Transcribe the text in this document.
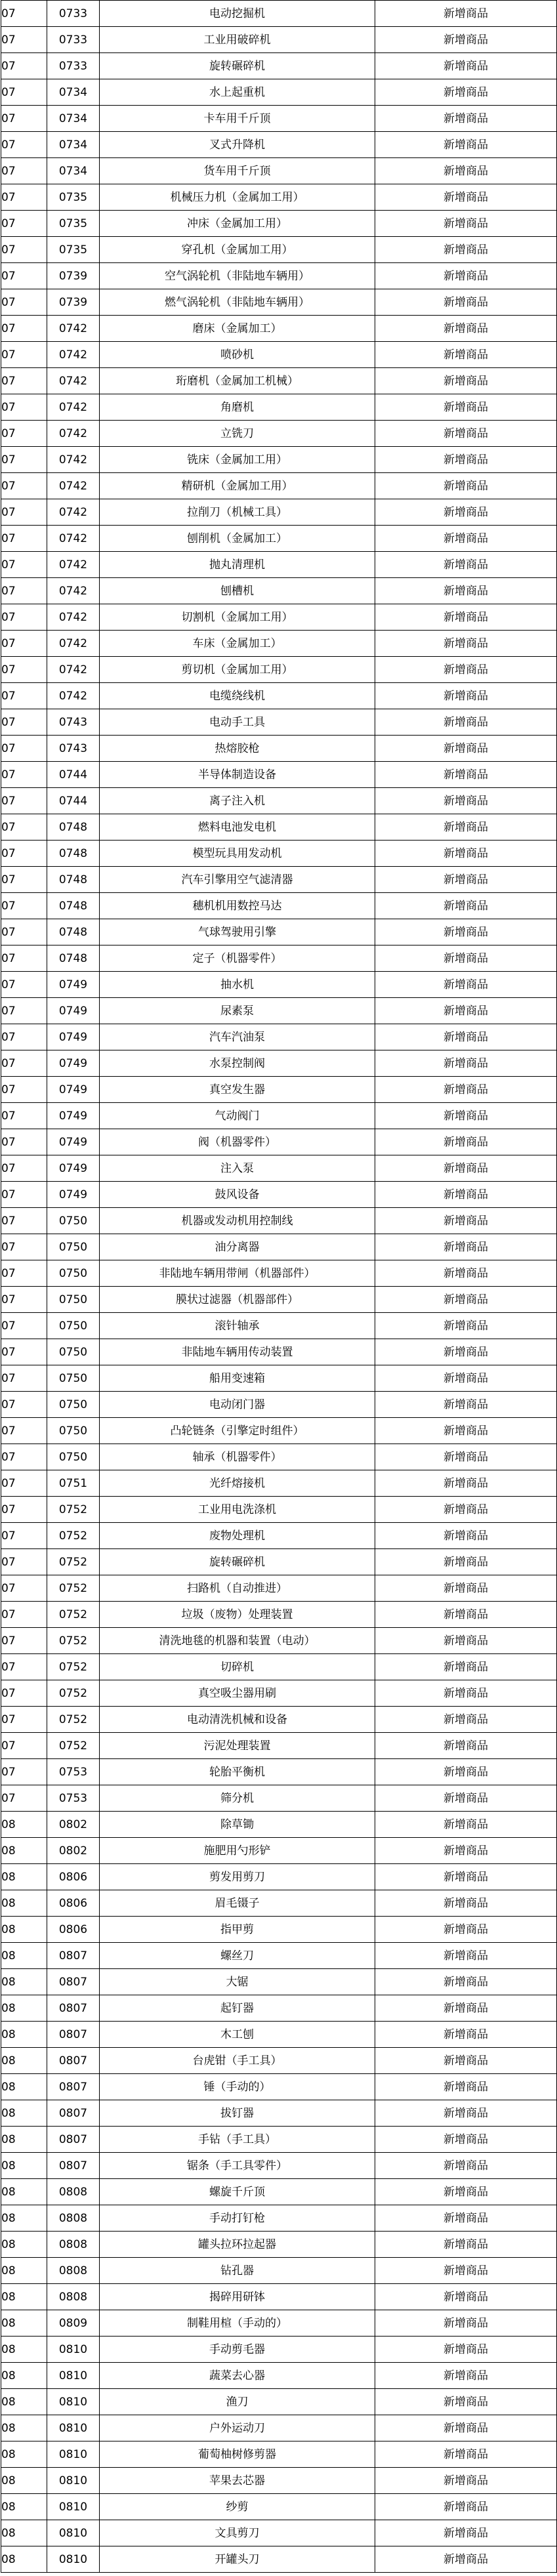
07	0733	电动挖掘机	新增商品
07	0733	工业用破碎机	新增商品
07	0733	旋转碾碎机	新增商品
07	0734	水上起重机	新增商品
07	0734	卡车用千斤顶	新增商品
07	0734	叉式升降机	新增商品
07	0734	货车用千斤顶	新增商品
07	0735	机械压力机（金属加工用）	新增商品
07	0735	冲床（金属加工用）	新增商品
07	0735	穿孔机（金属加工用）	新增商品
07	0739	空气涡轮机（非陆地车辆用）	新增商品
07	0739	燃气涡轮机（非陆地车辆用）	新增商品
07	0742	磨床（金属加工）	新增商品
07	0742	喷砂机	新增商品
07	0742	珩磨机（金属加工机械）	新增商品
07	0742	角磨机	新增商品
07	0742	立铣刀	新增商品
07	0742	铣床（金属加工用）	新增商品
07	0742	精研机（金属加工用）	新增商品
07	0742	拉削刀（机械工具）	新增商品
07	0742	刨削机（金属加工）	新增商品
07	0742	抛丸清理机	新增商品
07	0742	刨槽机	新增商品
07	0742	切割机（金属加工用）	新增商品
07	0742	车床（金属加工）	新增商品
07	0742	剪切机（金属加工用）	新增商品
07	0742	电缆绕线机	新增商品
07	0743	电动手工具	新增商品
07	0743	热熔胶枪	新增商品
07	0744	半导体制造设备	新增商品
07	0744	离子注入机	新增商品
07	0748	燃料电池发电机	新增商品
07	0748	模型玩具用发动机	新增商品
07	0748	汽车引擎用空气滤清器	新增商品
07	0748	穗机机用数控马达	新增商品
07	0748	气球驾驶用引擎	新增商品
07	0748	定子（机器零件）	新增商品
07	0749	抽水机	新增商品
07	0749	尿素泵	新增商品
07	0749	汽车汽油泵	新增商品
07	0749	水泵控制阀	新增商品
07	0749	真空发生器	新增商品
07	0749	气动阀门	新增商品
07	0749	阀（机器零件）	新增商品
07	0749	注入泵	新增商品
07	0749	鼓风设备	新增商品
07	0750	机器或发动机用控制线	新增商品
07	0750	油分离器	新增商品
07	0750	非陆地车辆用带闸（机器部件）	新增商品
07	0750	膜状过滤器（机器部件）	新增商品
07	0750	滚针轴承	新增商品
07	0750	非陆地车辆用传动装置	新增商品
07	0750	船用变速箱	新增商品
07	0750	电动闭门器	新增商品
07	0750	凸轮链条（引擎定时组件）	新增商品
07	0750	轴承（机器零件）	新增商品
07	0751	光纤熔接机	新增商品
07	0752	工业用电洗涤机	新增商品
07	0752	废物处理机	新增商品
07	0752	旋转碾碎机	新增商品
07	0752	扫路机（自动推进）	新增商品
07	0752	垃圾（废物）处理装置	新增商品
07	0752	清洗地毯的机器和装置（电动）	新增商品
07	0752	切碎机	新增商品
07	0752	真空吸尘器用刷	新增商品
07	0752	电动清洗机械和设备	新增商品
07	0752	污泥处理装置	新增商品
07	0753	轮胎平衡机	新增商品
07	0753	筛分机	新增商品
08	0802	除草锄	新增商品
08	0802	施肥用勺形铲	新增商品
08	0806	剪发用剪刀	新增商品
08	0806	眉毛镊子	新增商品
08	0806	指甲剪	新增商品
08	0807	螺丝刀	新增商品
08	0807	大锯	新增商品
08	0807	起钉器	新增商品
08	0807	木工刨	新增商品
08	0807	台虎钳（手工具）	新增商品
08	0807	锤（手动的）	新增商品
08	0807	拔钉器	新增商品
08	0807	手钻（手工具）	新增商品
08	0807	锯条（手工具零件）	新增商品
08	0808	螺旋千斤顶	新增商品
08	0808	手动打钉枪	新增商品
08	0808	罐头拉环拉起器	新增商品
08	0808	钻孔器	新增商品
08	0808	揭碎用研钵	新增商品
08	0809	制鞋用楦（手动的）	新增商品
08	0810	手动剪毛器	新增商品
08	0810	蔬菜去心器	新增商品
08	0810	渔刀	新增商品
08	0810	户外运动刀	新增商品
08	0810	葡萄柚树修剪器	新增商品
08	0810	苹果去芯器	新增商品
08	0810	纱剪	新增商品
08	0810	文具剪刀	新增商品
08	0810	开罐头刀	新增商品
